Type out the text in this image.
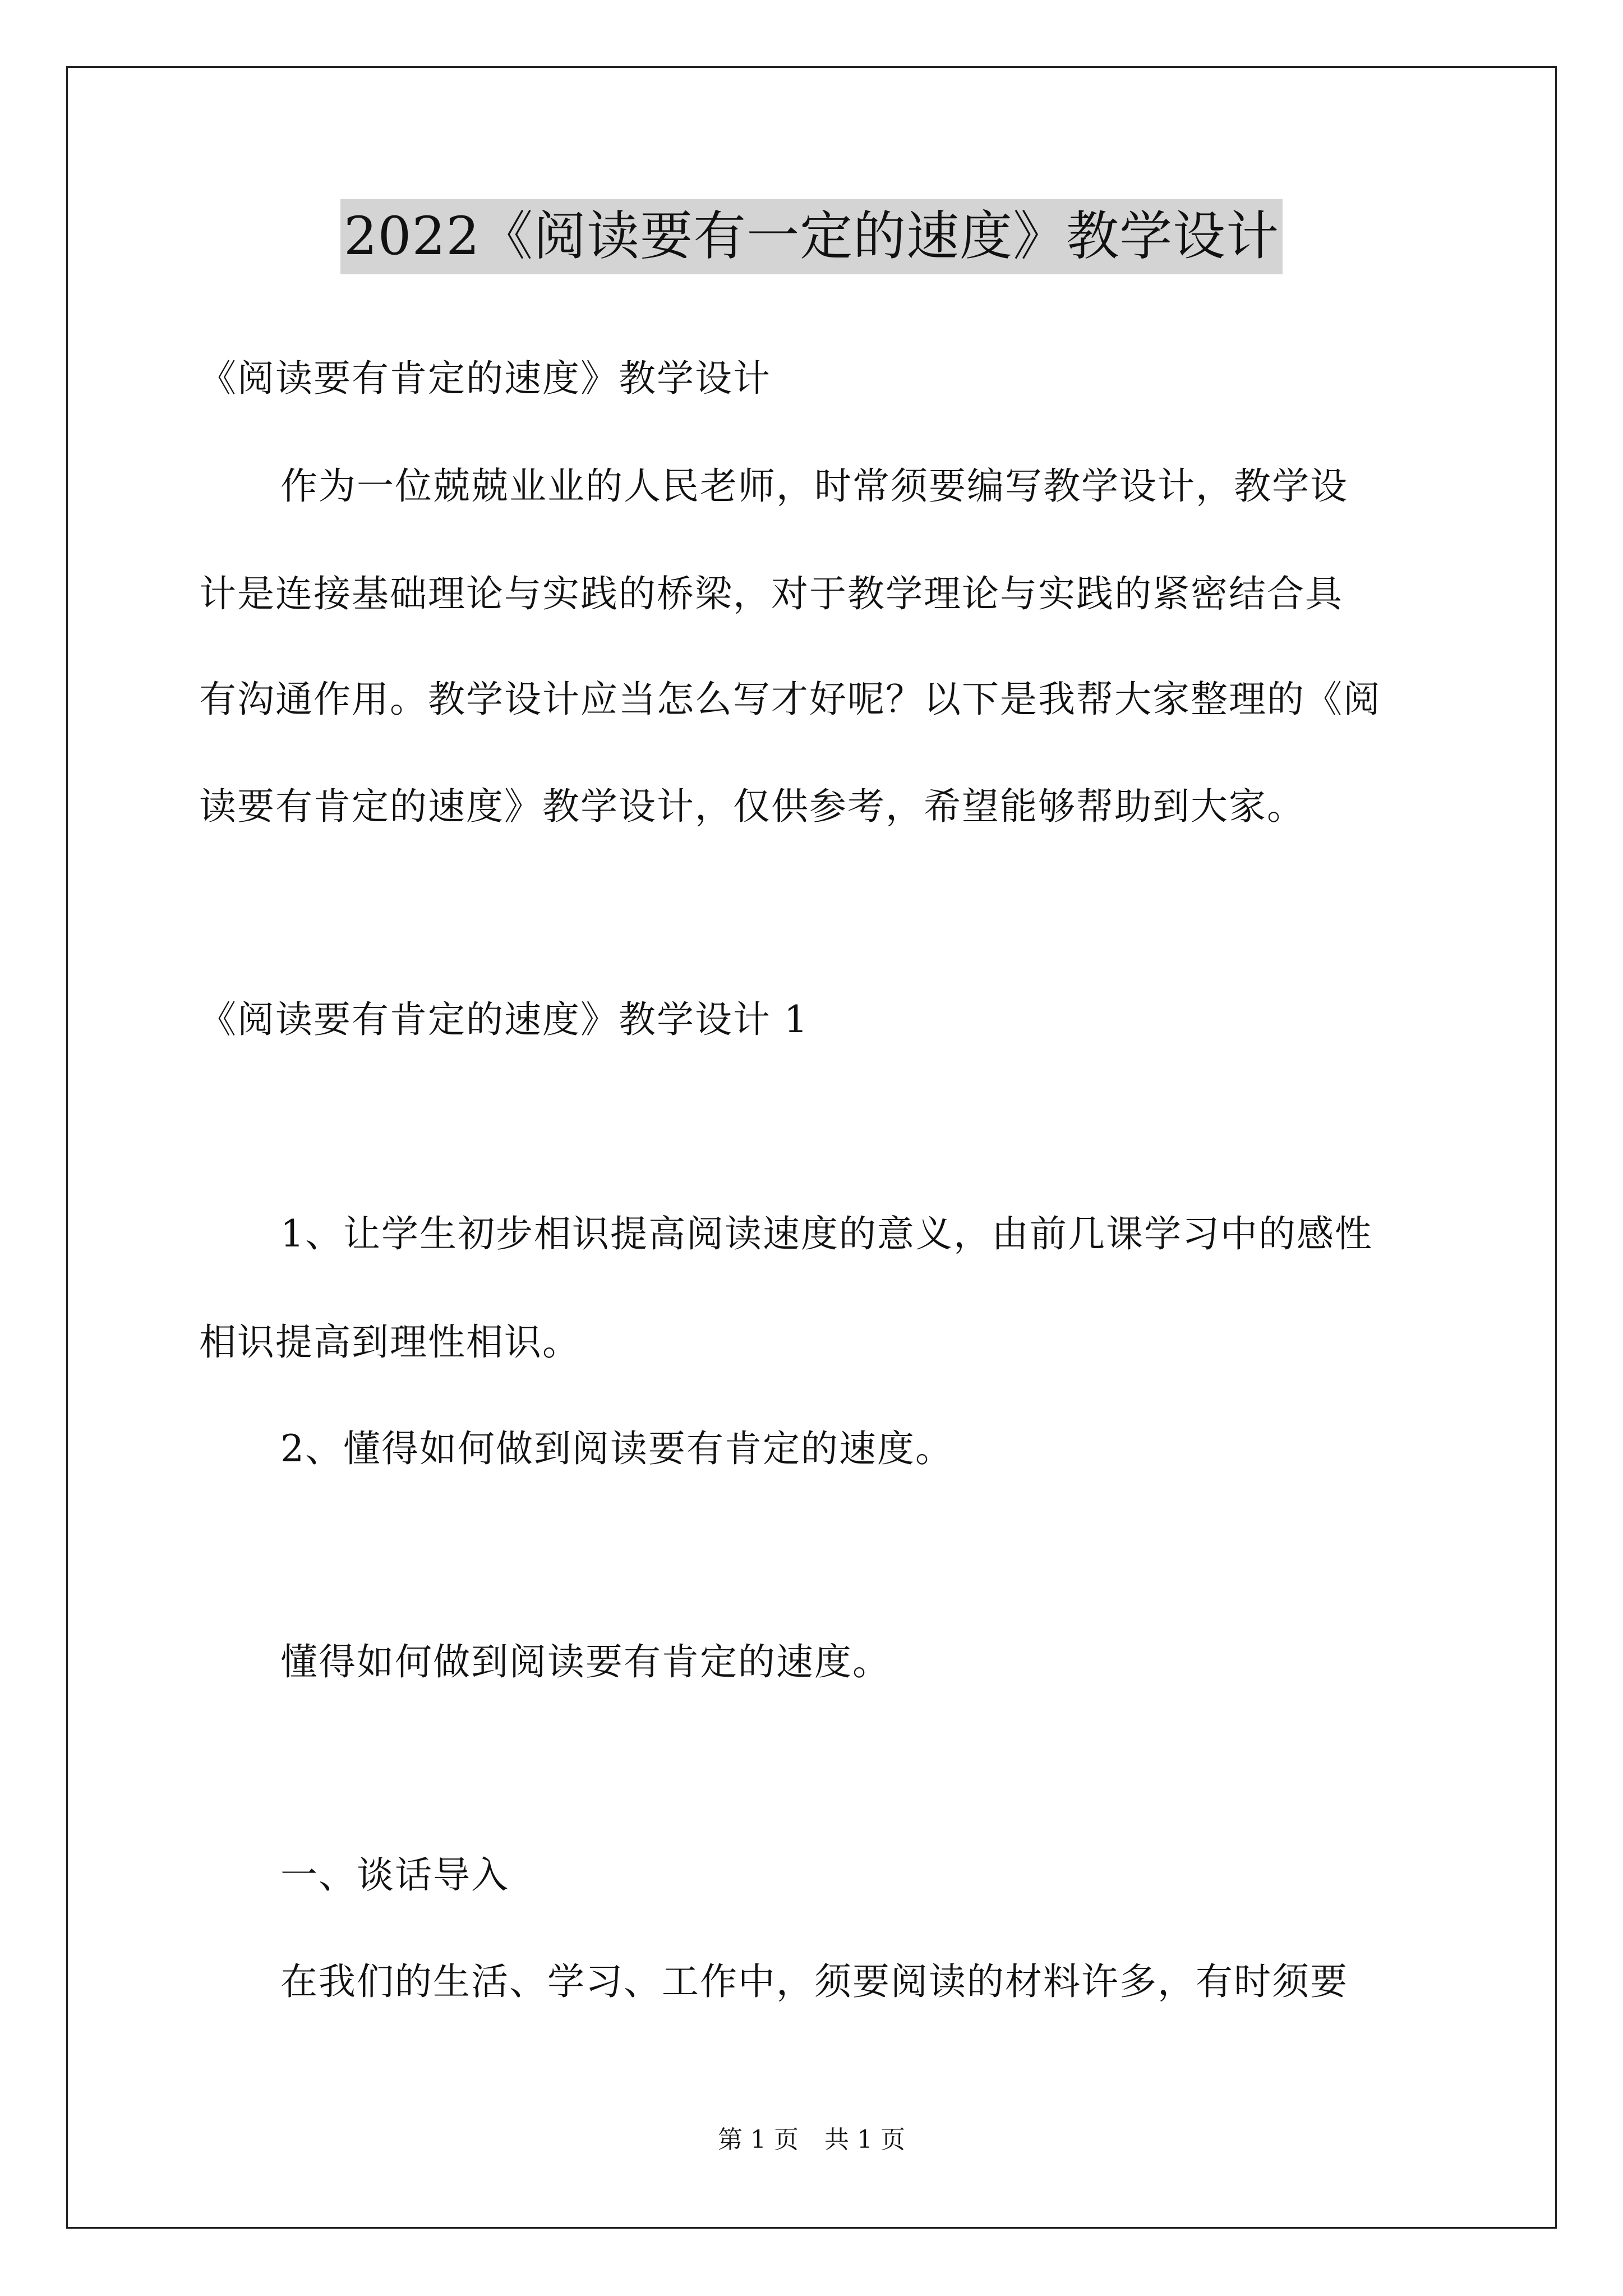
2022《阅读要有一定的速度》教学设计
《阅读要有肯定的速度》教学设计
作为一位兢兢业业的人民老师，时常须要编写教学设计，教学设
计是连接基础理论与实践的桥梁，对于教学理论与实践的紧密结合具
有沟通作用。教学设计应当怎么写才好呢？以下是我帮大家整理的《阅
读要有肯定的速度》教学设计，仅供参考，希望能够帮助到大家。
《阅读要有肯定的速度》教学设计 1
1、让学生初步相识提高阅读速度的意义，由前几课学习中的感性
相识提高到理性相识。
2、懂得如何做到阅读要有肯定的速度。
懂得如何做到阅读要有肯定的速度。
一、谈话导入
在我们的生活、学习、工作中，须要阅读的材料许多，有时须要
第 1 页 共 1 页
